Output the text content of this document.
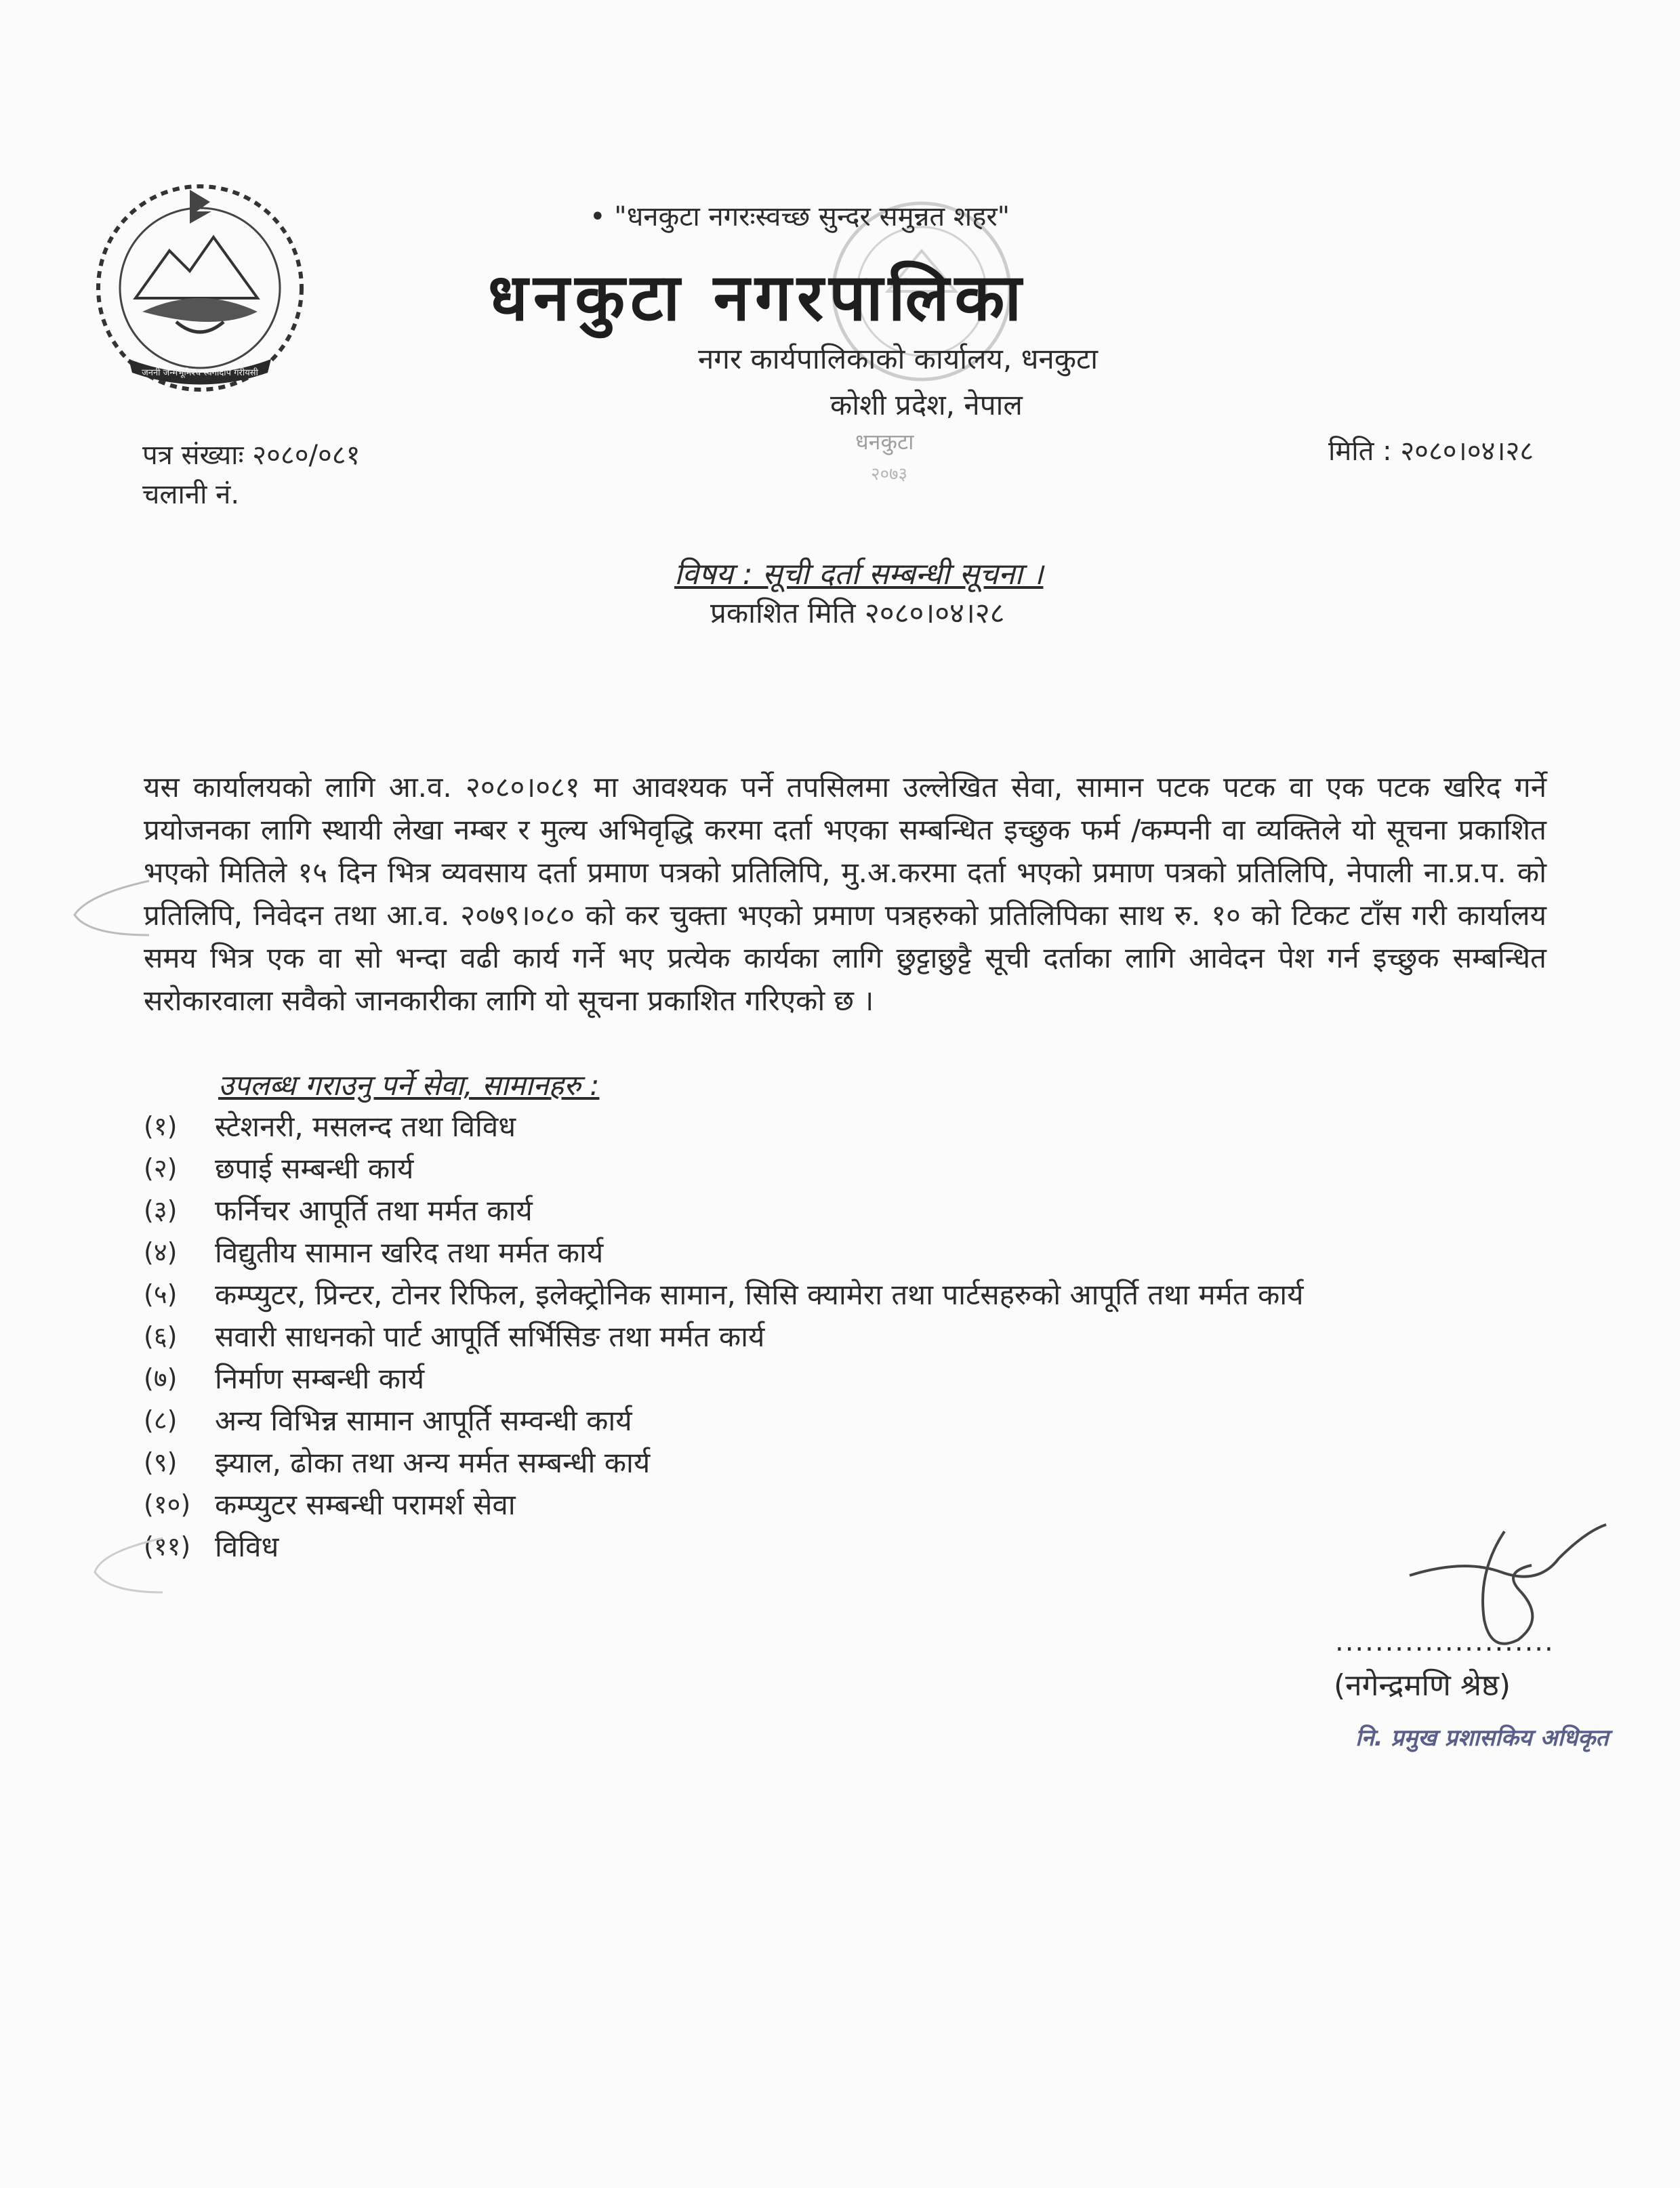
जननी जन्मभूमिश्च स्वर्गादपि गरीयसी
धनकुटा
२०७३
• "धनकुटा नगरःस्वच्छ सुन्दर समुन्नत शहर"
धनकुटा नगरपालिका
नगर कार्यपालिकाको कार्यालय, धनकुटा
कोशी प्रदेश, नेपाल
पत्र संख्याः २०८०/०८१
चलानी नं.
मिति : २०८०।०४।२८
विषय : सूची दर्ता सम्बन्धी सूचना ।
प्रकाशित मिति २०८०।०४।२८
यस कार्यालयको लागि आ.व. २०८०।०८१ मा आवश्यक पर्ने तपसिलमा उल्लेखित सेवा, सामान पटक पटक वा एक पटक खरिद गर्ने प्रयोजनका लागि स्थायी लेखा नम्बर र मुल्य अभिवृद्धि करमा दर्ता भएका सम्बन्धित इच्छुक फर्म /कम्पनी वा व्यक्तिले यो सूचना प्रकाशित भएको मितिले १५ दिन भित्र व्यवसाय दर्ता प्रमाण पत्रको प्रतिलिपि, मु.अ.करमा दर्ता भएको प्रमाण पत्रको प्रतिलिपि, नेपाली ना.प्र.प. को प्रतिलिपि, निवेदन तथा आ.व. २०७९।०८० को कर चुक्ता भएको प्रमाण पत्रहरुको प्रतिलिपिका साथ रु. १० को टिकट टाँस गरी कार्यालय समय भित्र एक वा सो भन्दा वढी कार्य गर्ने भए प्रत्येक कार्यका लागि छुट्टाछुट्टै सूची दर्ताका लागि आवेदन पेश गर्न इच्छुक सम्बन्धित सरोकारवाला सवैको जानकारीका लागि यो सूचना प्रकाशित गरिएको छ ।
उपलब्ध गराउनु पर्ने सेवा, सामानहरु :
(१)	स्टेशनरी, मसलन्द तथा विविध
(२)	छपाई सम्बन्धी कार्य
(३)	फर्निचर आपूर्ति तथा मर्मत कार्य
(४)	विद्युतीय सामान खरिद तथा मर्मत कार्य
(५)	कम्प्युटर, प्रिन्टर, टोनर रिफिल, इलेक्ट्रोनिक सामान, सिसि क्यामेरा तथा पार्टसहरुको आपूर्ति तथा मर्मत कार्य
(६)	सवारी साधनको पार्ट आपूर्ति सर्भिसिङ तथा मर्मत कार्य
(७)	निर्माण सम्बन्धी कार्य
(८)	अन्य विभिन्न सामान आपूर्ति सम्वन्धी कार्य
(९)	झ्याल, ढोका तथा अन्य मर्मत सम्बन्धी कार्य
(१०) कम्प्युटर सम्बन्धी परामर्श सेवा
(११) विविध
......................
(नगेन्द्रमणि श्रेष्ठ)
नि. प्रमुख प्रशासकिय अधिकृत
